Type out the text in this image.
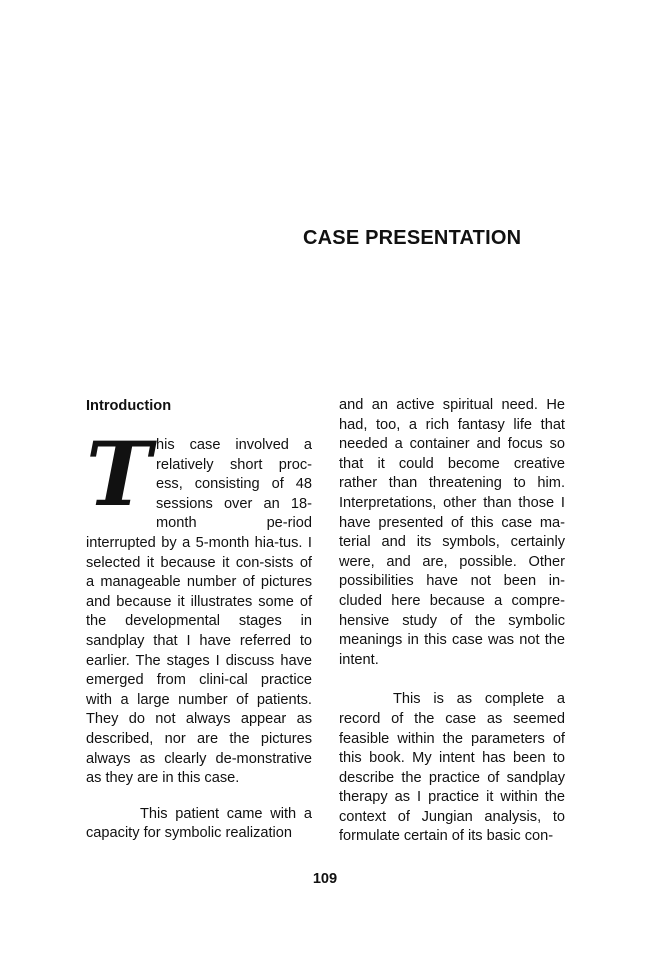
CASE PRESENTATION
Introduction

This case involved a relatively short proc-ess, consisting of 48 sessions over an 18-month pe-riod interrupted by a 5-month hia-tus. I selected it because it con-sists of a manageable number of pictures and because it illustrates some of the developmental stages in sandplay that I have referred to earlier. The stages I discuss have emerged from clini-cal practice with a large number of patients. They do not always appear as described, nor are the pictures always as clearly de-monstrative as they are in this case.

This patient came with a capacity for symbolic realization

and an active spiritual need. He had, too, a rich fantasy life that needed a container and focus so that it could become creative rather than threatening to him. Interpretations, other than those I have presented of this case ma-terial and its symbols, certainly were, and are, possible. Other possibilities have not been in-cluded here because a compre-hensive study of the symbolic meanings in this case was not the intent.

This is as complete a record of the case as seemed feasible within the parameters of this book. My intent has been to describe the practice of sandplay therapy as I practice it within the context of Jungian analysis, to formulate certain of its basic con-

109
